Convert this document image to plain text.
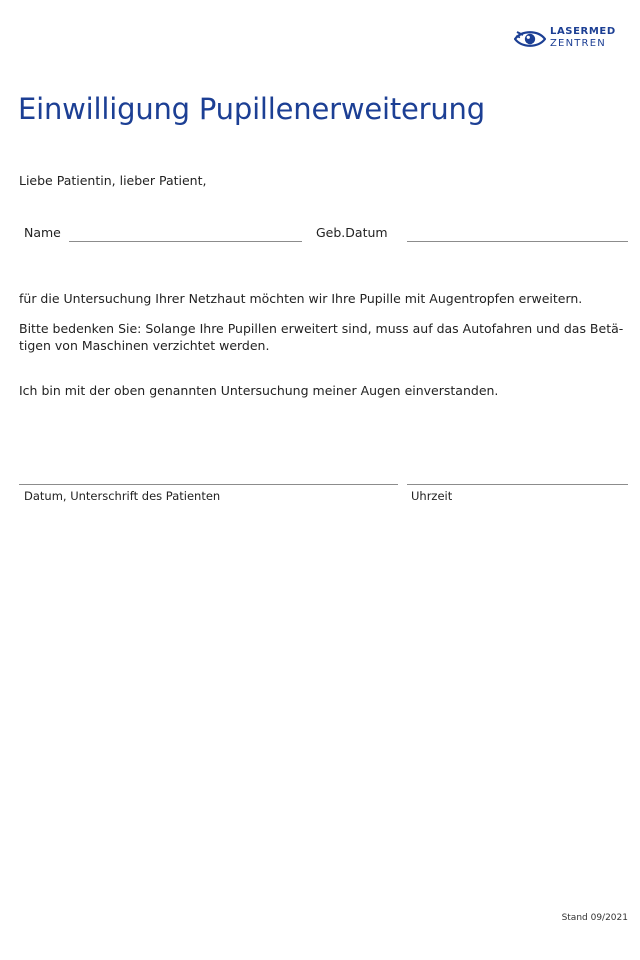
LASERMED
ZENTREN
Einwilligung Pupillenerweiterung
Liebe Patientin, lieber Patient,
Name	Geb.Datum
für die Untersuchung Ihrer Netzhaut möchten wir Ihre Pupille mit Augentropfen erweitern.
Bitte bedenken Sie: Solange Ihre Pupillen erweitert sind, muss auf das Autofahren und das Betä-
tigen von Maschinen verzichtet werden.
Ich bin mit der oben genannten Untersuchung meiner Augen einverstanden.
Datum, Unterschrift des Patienten	Uhrzeit
Stand 09/2021
